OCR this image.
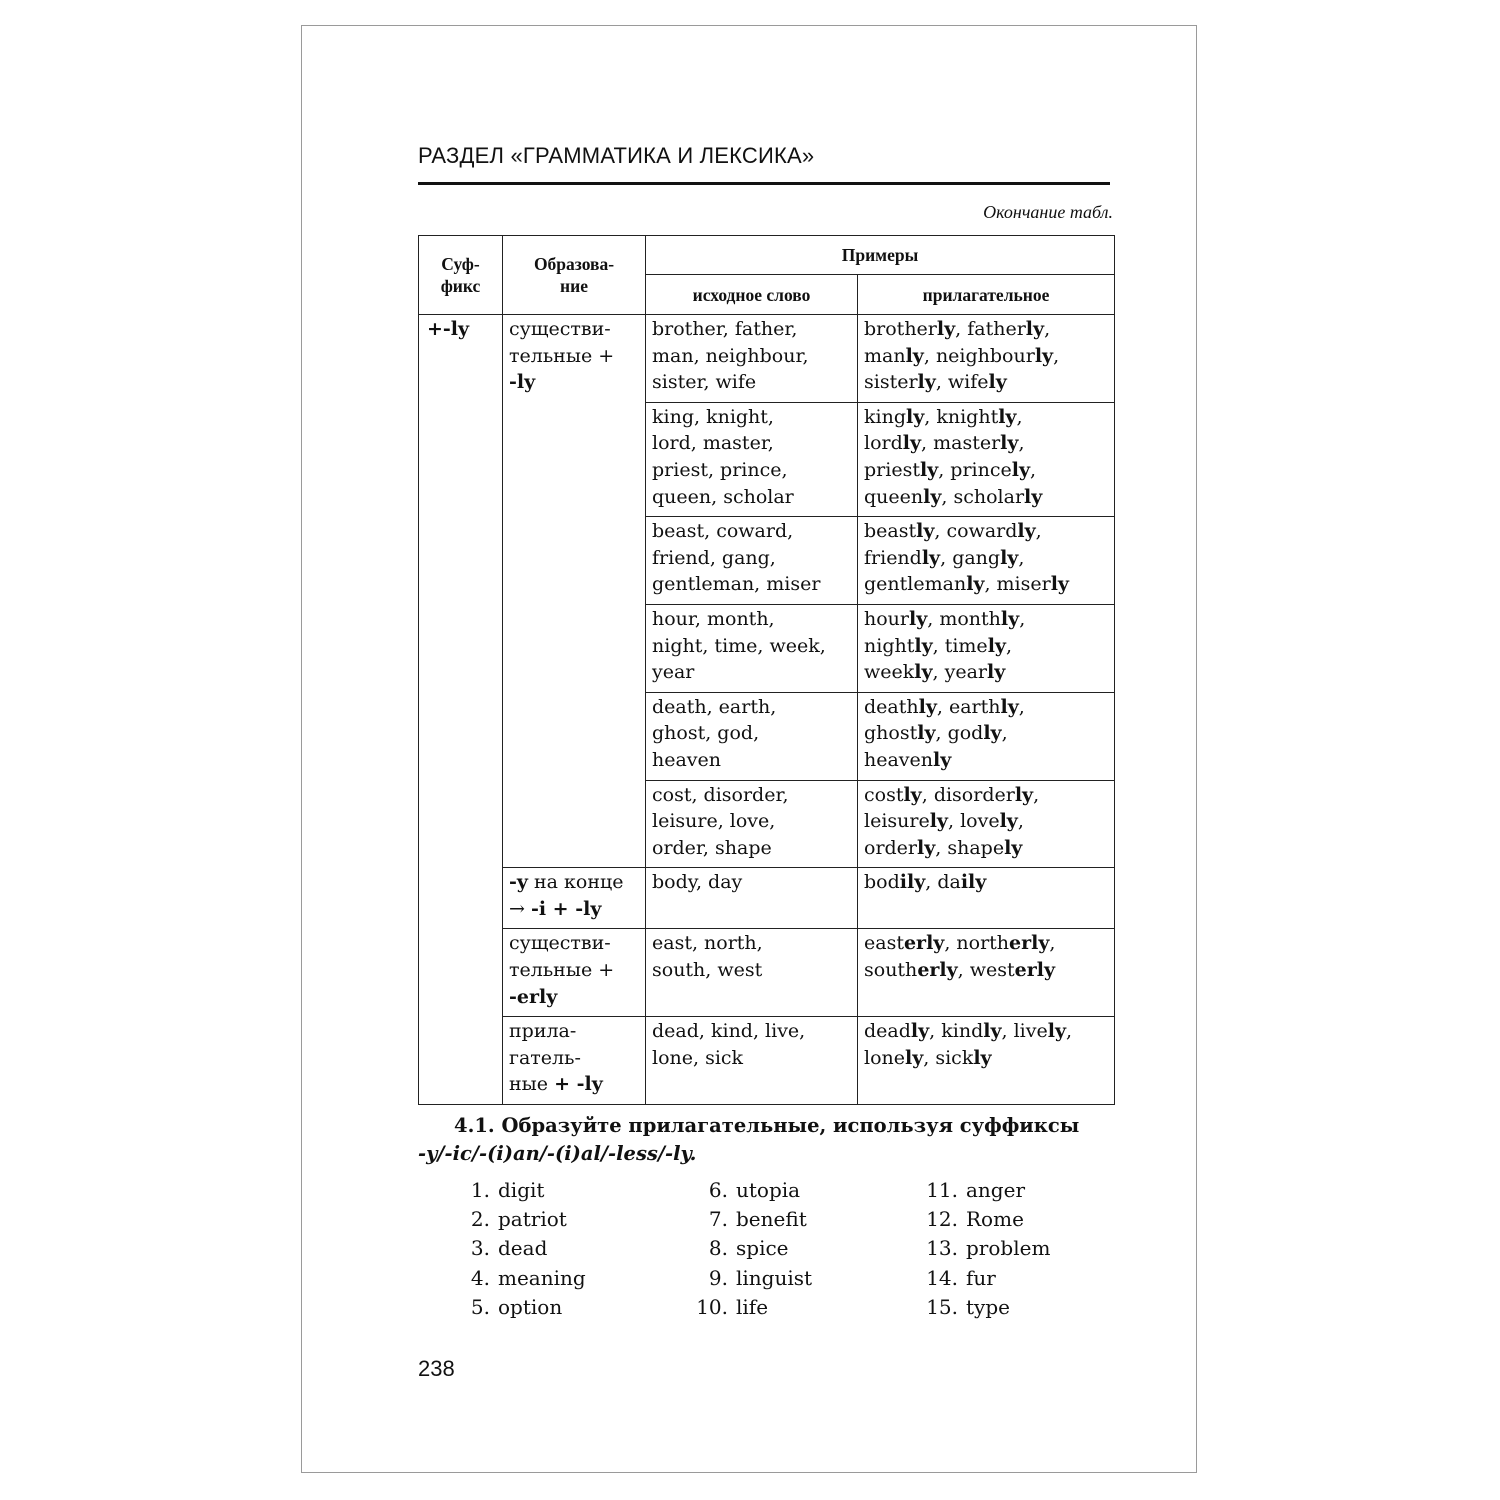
РАЗДЕЛ «ГРАММАТИКА И ЛЕКСИКА»
Окончание табл.
Суф-
фикс	Образова-
ние	Примеры	
		исходное слово	прилагательное
+-ly	существи-
тельные +
-ly	brother, father,
man, neighbour,
sister, wife	brotherly, fatherly,
manly, neighbourly,
sisterly, wifely
		king, knight,
lord, master,
priest, prince,
queen, scholar	kingly, knightly,
lordly, masterly,
priestly, princely,
queenly, scholarly
		beast, coward,
friend, gang,
gentleman, miser	beastly, cowardly,
friendly, gangly,
gentlemanly, miserly
		hour, month,
night, time, week,
year	hourly, monthly,
nightly, timely,
weekly, yearly
		death, earth,
ghost, god,
heaven	deathly, earthly,
ghostly, godly,
heavenly
		cost, disorder,
leisure, love,
order, shape	costly, disorderly,
leisurely, lovely,
orderly, shapely
	-y на конце
→ -i + -ly	body, day	bodily, daily
	существи-
тельные +
-erly	east, north,
south, west	easterly, northerly,
southerly, westerly
	прила-
гатель-
ные + -ly	dead, kind, live,
lone, sick	deadly, kindly, lively,
lonely, sickly
4.1. Образуйте прилагательные, используя суффиксы
-y/-ic/-(i)an/-(i)al/-less/-ly.
1. digit
2. patriot
3. dead
4. meaning
5. option
6. utopia
7. benefit
8. spice
9. linguist
10. life
11. anger
12. Rome
13. problem
14. fur
15. type
238
